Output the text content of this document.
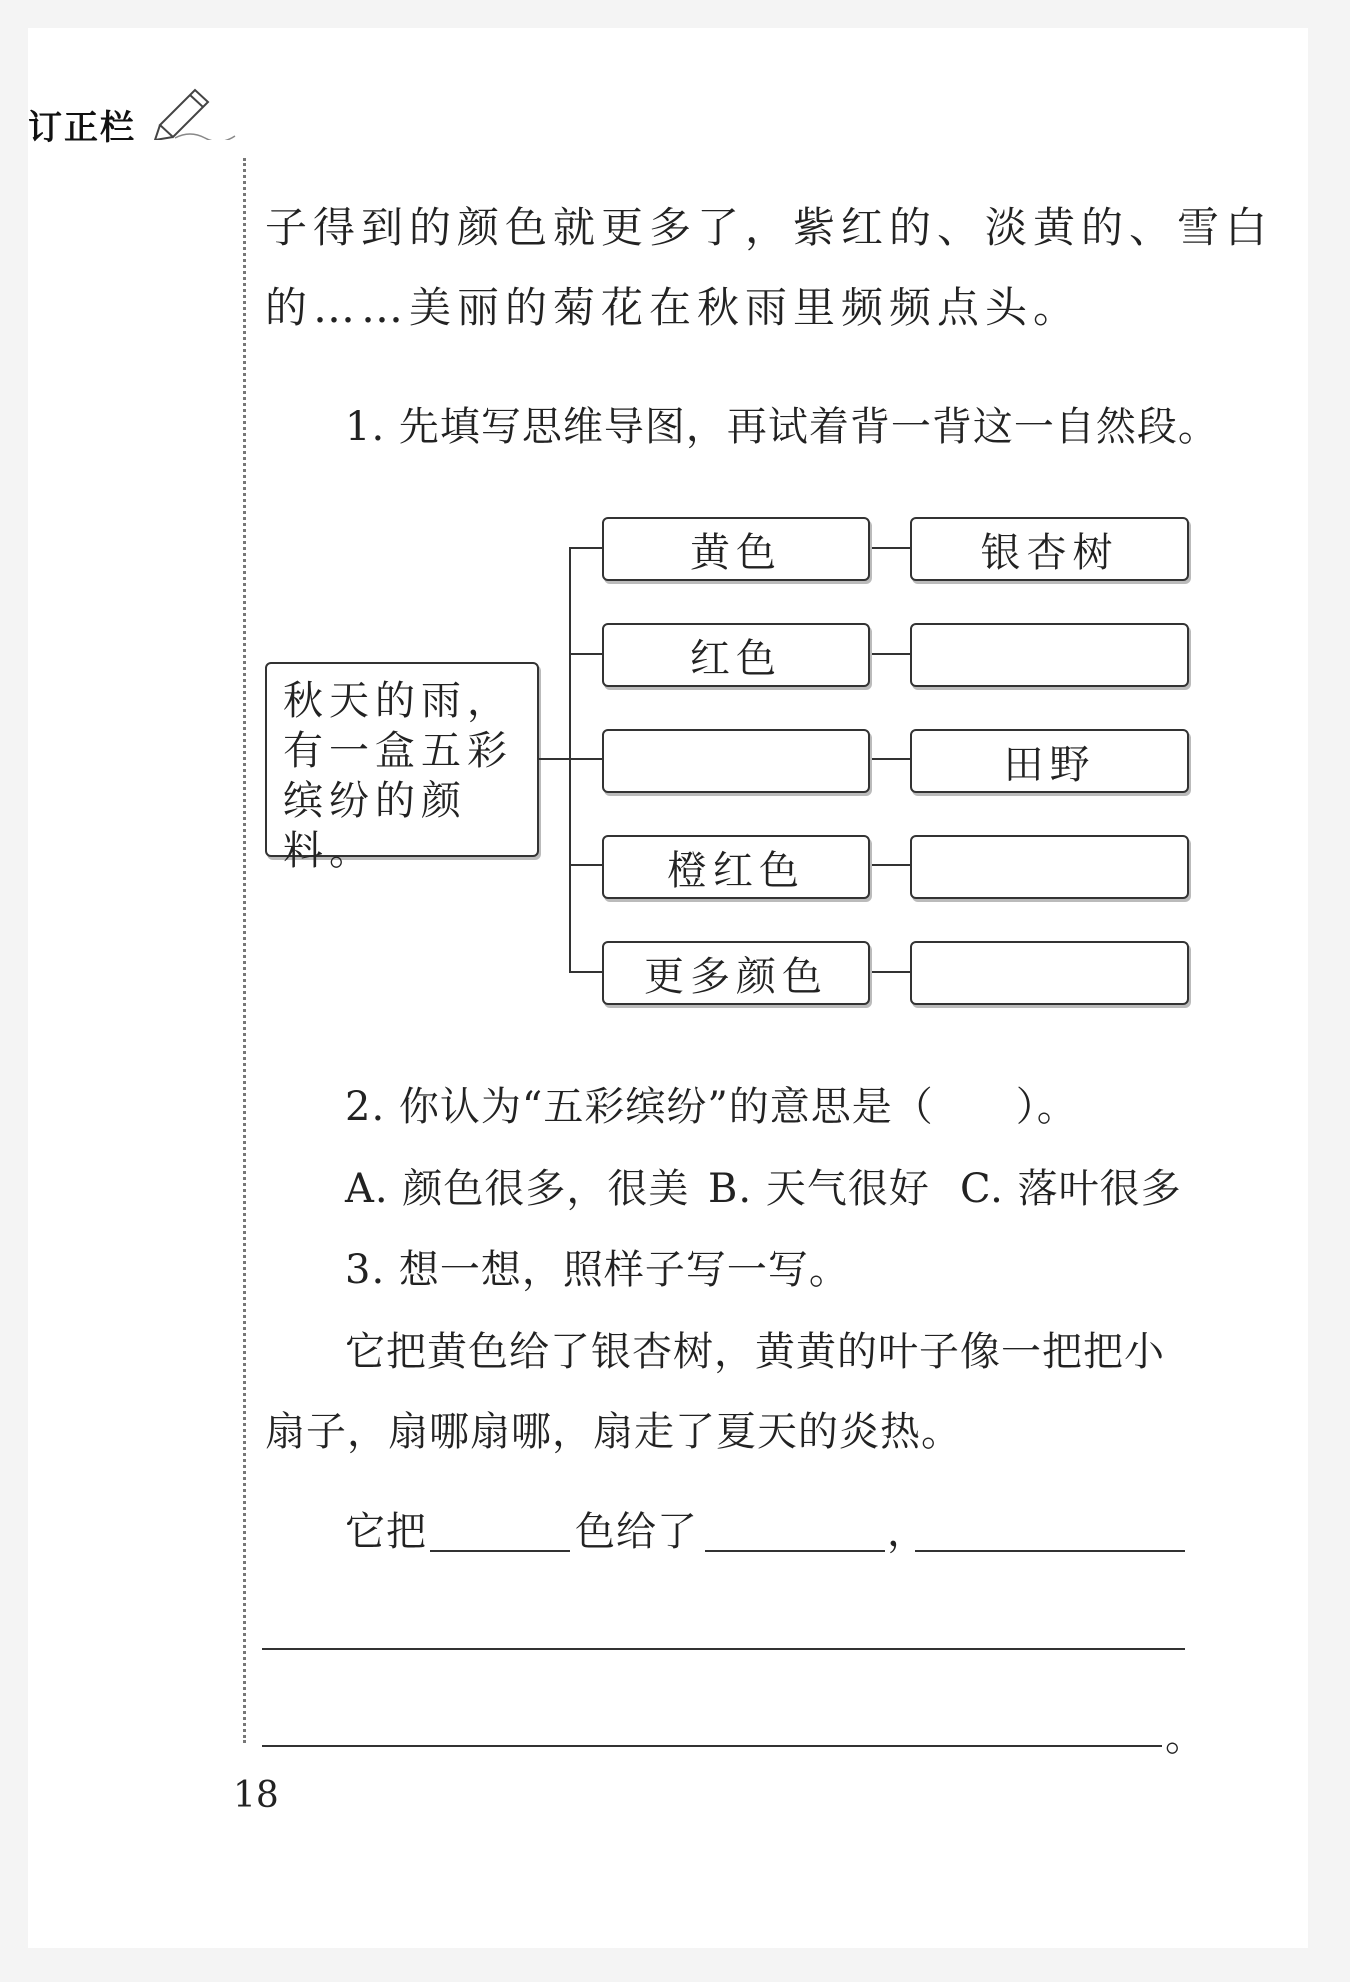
订正栏
子得到的颜色就更多了，紫红的、淡黄的、雪白
的……美丽的菊花在秋雨里频频点头。
1. 先填写思维导图，再试着背一背这一自然段。
秋天的雨，
有一盒五彩
缤纷的颜料。
黄色
红色
橙红色
更多颜色
银杏树
田野
2. 你认为“五彩缤纷”的意思是（　　）。
A. 颜色很多，很美 B. 天气很好 C. 落叶很多
3. 想一想，照样子写一写。
它把黄色给了银杏树，黄黄的叶子像一把把小
扇子，扇哪扇哪，扇走了夏天的炎热。
它把	色给了	，
。
18
